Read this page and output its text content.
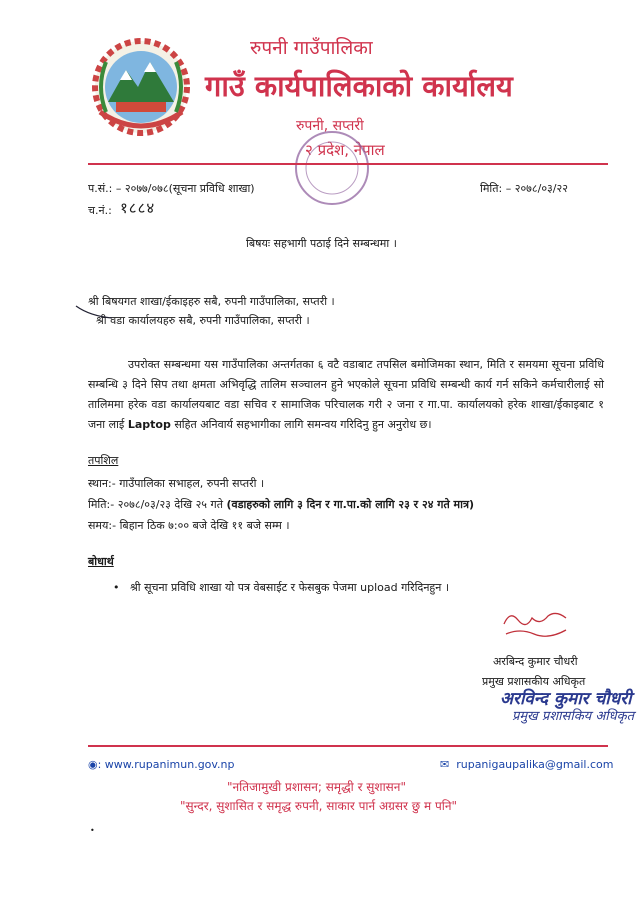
रुपनी गाउँपालिका
गाउँ कार्यपालिकाको कार्यालय
रुपनी, सप्तरी
२ प्रदेश, नेपाल
प.सं.: – २०७७/०७८(सूचना प्रविधि शाखा)	मिति: – २०७८/०३/२२
च.नं.: १८८४
बिषयः सहभागी पठाई दिने सम्बन्धमा ।
श्री बिषयगत शाखा/ईकाइहरु सबै, रुपनी गाउँपालिका, सप्तरी ।
श्री वडा कार्यालयहरु सबै, रुपनी गाउँपालिका, सप्तरी ।
उपरोक्त सम्बन्धमा यस गाउँपालिका अन्तर्गतका ६ वटै वडाबाट तपसिल बमोजिमका स्थान, मिति र समयमा सूचना प्रविधि सम्बन्धि ३ दिने सिप तथा क्षमता अभिवृद्धि तालिम सञ्चालन हुने भएकोले सूचना प्रविधि सम्बन्धी कार्य गर्न सकिने कर्मचारीलाई सो तालिममा हरेक वडा कार्यालयबाट वडा सचिव र सामाजिक परिचालक गरी २ जना र गा.पा. कार्यालयको हरेक शाखा/ईकाइबाट १ जना लाई Laptop सहित अनिवार्य सहभागीका लागि समन्वय गरिदिनु हुन अनुरोध छ।
तपशिल
स्थान:- गाउँपालिका सभाहल, रुपनी सप्तरी ।
मिति:- २०७८/०३/२३ देखि २५ गते (वडाहरुको लागि ३ दिन र गा.पा.को लागि २३ र २४ गते मात्र)
समय:- बिहान ठिक ७:०० बजे देखि ११ बजे सम्म ।
बोधार्थ
•   श्री सूचना प्रविधि शाखा यो पत्र वेबसाईट र फेसबुक पेजमा upload गरिदिनहुन ।
अरबिन्द कुमार चौधरी
प्रमुख प्रशासकीय अधिकृत
अरविन्द कुमार चौधरी
प्रमुख प्रशासकिय अधिकृत
◉: www.rupanimun.gov.np	✉ rupanigaupalika@gmail.com
"नतिजामुखी प्रशासन; समृद्धी र सुशासन"
"सुन्दर, सुशासित र समृद्ध रुपनी, साकार पार्न अग्रसर छु म पनि"
•
